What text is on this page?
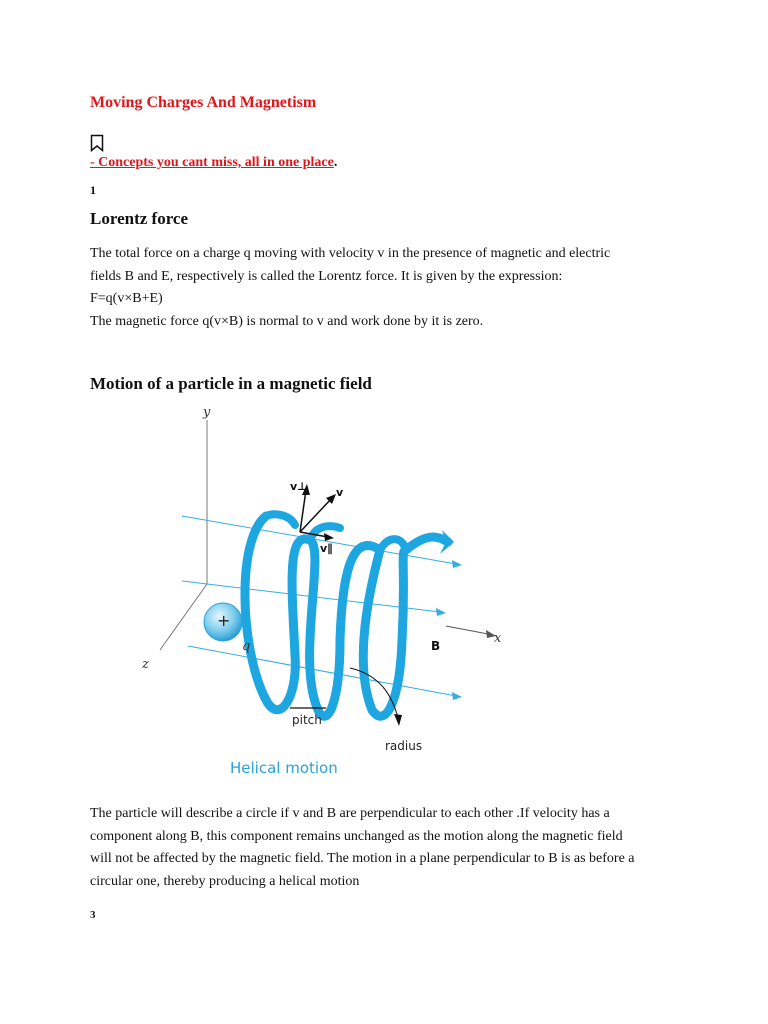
Moving Charges And Magnetism

- Concepts you cant miss, all in one place.

1

Lorentz force

The total force on a charge q moving with velocity v in the presence of magnetic and electric

fields B and E, respectively is called the Lorentz force. It is given by the expression:

F=q(v×B+E)

The magnetic force q(v×B) is normal to v and work done by it is zero.

Motion of a particle in a magnetic field
y
z
x
v⊥	v
v∥
+
q	B
pitch
radius
Helical motion

The particle will describe a circle if v and B are perpendicular to each other .If velocity has a

component along B, this component remains unchanged as the motion along the magnetic field

will not be affected by the magnetic field. The motion in a plane perpendicular to B is as before a

circular one, thereby producing a helical motion

3
